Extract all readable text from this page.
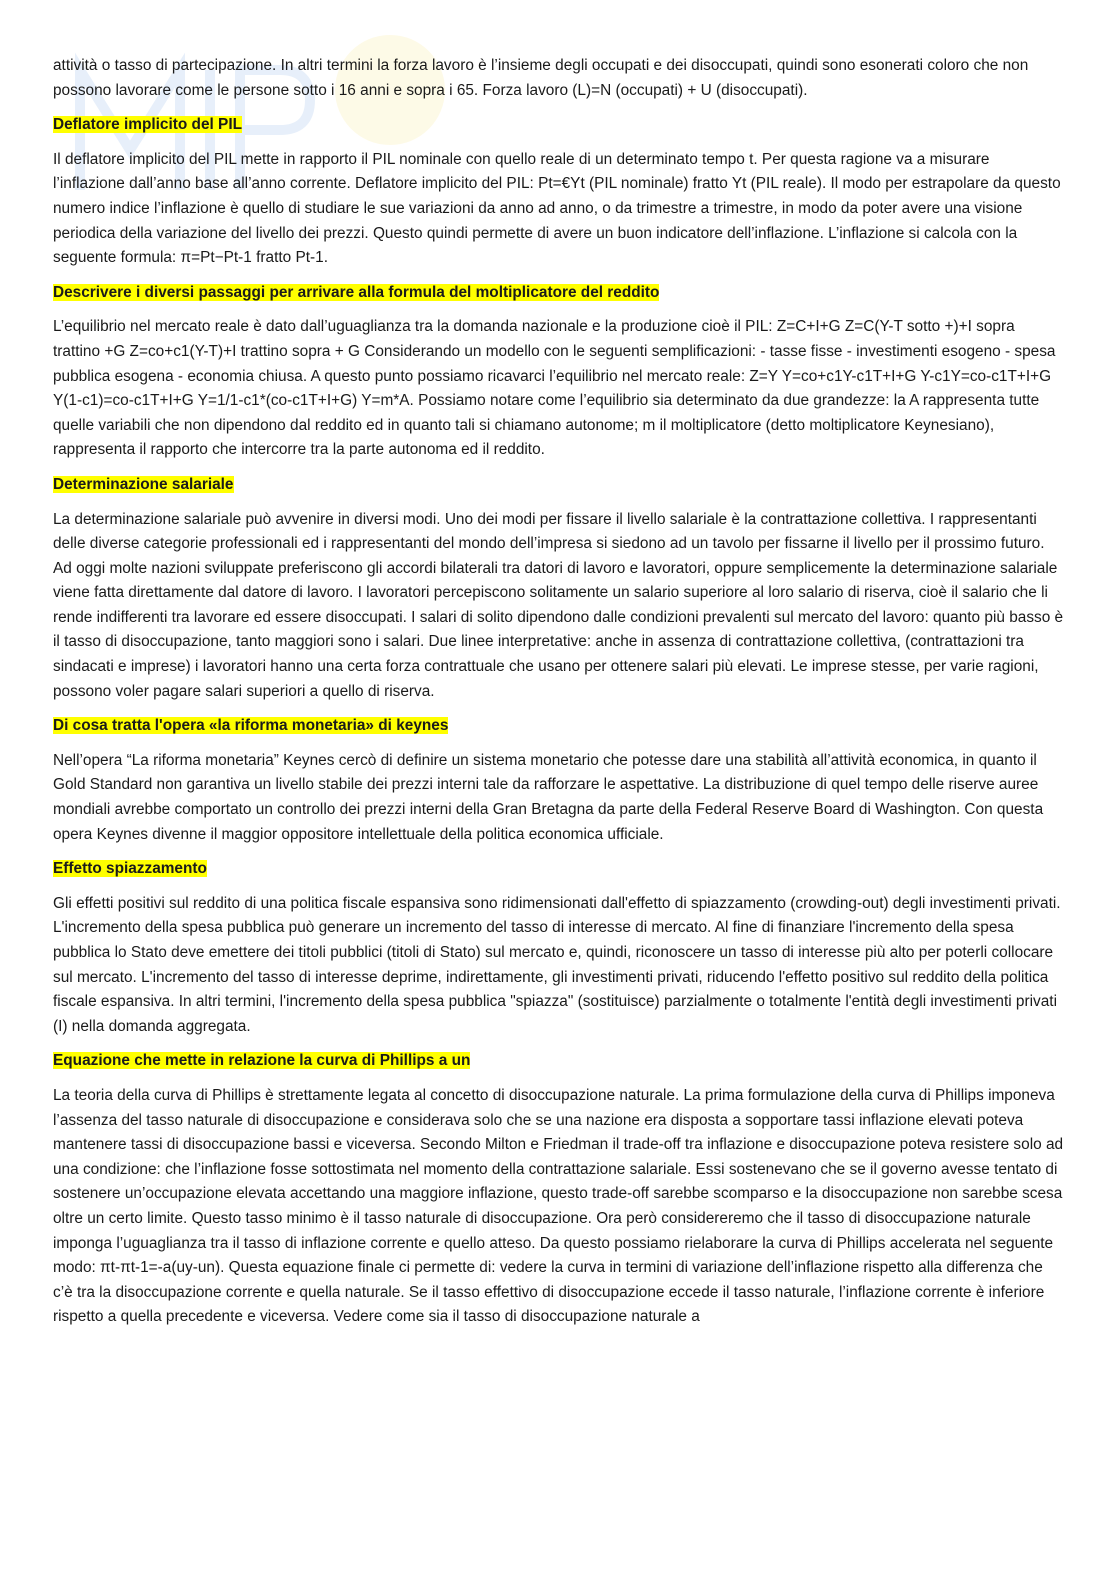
attività o tasso di partecipazione. In altri termini la forza lavoro è l’insieme degli occupati e dei disoccupati, quindi sono esonerati coloro che non possono lavorare come le persone sotto i 16 anni e sopra i 65. Forza lavoro (L)=N (occupati) + U (disoccupati).

Deflatore implicito del PIL

Il deflatore implicito del PIL mette in rapporto il PIL nominale con quello reale di un determinato tempo t. Per questa ragione va a misurare l’inflazione dall’anno base all’anno corrente. Deflatore implicito del PIL: Pt=€Yt (PIL nominale) fratto Yt (PIL reale). Il modo per estrapolare da questo numero indice l’inflazione è quello di studiare le sue variazioni da anno ad anno, o da trimestre a trimestre, in modo da poter avere una visione periodica della variazione del livello dei prezzi. Questo quindi permette di avere un buon indicatore dell’inflazione. L’inflazione si calcola con la seguente formula: π=Pt−Pt-1 fratto Pt-1.

Descrivere i diversi passaggi per arrivare alla formula del moltiplicatore del reddito

L’equilibrio nel mercato reale è dato dall’uguaglianza tra la domanda nazionale e la produzione cioè il PIL: Z=C+I+G Z=C(Y-T sotto +)+I sopra trattino +G Z=co+c1(Y-T)+I trattino sopra + G Considerando un modello con le seguenti semplificazioni: - tasse fisse - investimenti esogeno - spesa pubblica esogena - economia chiusa. A questo punto possiamo ricavarci l’equilibrio nel mercato reale: Z=Y Y=co+c1Y-c1T+I+G Y-c1Y=co-c1T+I+G Y(1-c1)=co-c1T+I+G Y=1/1-c1*(co-c1T+I+G) Y=m*A. Possiamo notare come l’equilibrio sia determinato da due grandezze: la A rappresenta tutte quelle variabili che non dipendono dal reddito ed in quanto tali si chiamano autonome; m il moltiplicatore (detto moltiplicatore Keynesiano), rappresenta il rapporto che intercorre tra la parte autonoma ed il reddito.

Determinazione salariale

La determinazione salariale può avvenire in diversi modi. Uno dei modi per fissare il livello salariale è la contrattazione collettiva. I rappresentanti delle diverse categorie professionali ed i rappresentanti del mondo dell’impresa si siedono ad un tavolo per fissarne il livello per il prossimo futuro. Ad oggi molte nazioni sviluppate preferiscono gli accordi bilaterali tra datori di lavoro e lavoratori, oppure semplicemente la determinazione salariale viene fatta direttamente dal datore di lavoro. I lavoratori percepiscono solitamente un salario superiore al loro salario di riserva, cioè il salario che li rende indifferenti tra lavorare ed essere disoccupati. I salari di solito dipendono dalle condizioni prevalenti sul mercato del lavoro: quanto più basso è il tasso di disoccupazione, tanto maggiori sono i salari. Due linee interpretative: anche in assenza di contrattazione collettiva, (contrattazioni tra sindacati e imprese) i lavoratori hanno una certa forza contrattuale che usano per ottenere salari più elevati. Le imprese stesse, per varie ragioni, possono voler pagare salari superiori a quello di riserva.

Di cosa tratta l'opera «la riforma monetaria» di keynes

Nell’opera “La riforma monetaria” Keynes cercò di definire un sistema monetario che potesse dare una stabilità all’attività economica, in quanto il Gold Standard non garantiva un livello stabile dei prezzi interni tale da rafforzare le aspettative. La distribuzione di quel tempo delle riserve auree mondiali avrebbe comportato un controllo dei prezzi interni della Gran Bretagna da parte della Federal Reserve Board di Washington. Con questa opera Keynes divenne il maggior oppositore intellettuale della politica economica ufficiale.

Effetto spiazzamento

Gli effetti positivi sul reddito di una politica fiscale espansiva sono ridimensionati dall'effetto di spiazzamento (crowding-out) degli investimenti privati. L'incremento della spesa pubblica può generare un incremento del tasso di interesse di mercato. Al fine di finanziare l'incremento della spesa pubblica lo Stato deve emettere dei titoli pubblici (titoli di Stato) sul mercato e, quindi, riconoscere un tasso di interesse più alto per poterli collocare sul mercato. L'incremento del tasso di interesse deprime, indirettamente, gli investimenti privati, riducendo l'effetto positivo sul reddito della politica fiscale espansiva. In altri termini, l'incremento della spesa pubblica "spiazza" (sostituisce) parzialmente o totalmente l'entità degli investimenti privati (I) nella domanda aggregata.

Equazione che mette in relazione la curva di Phillips a un

La teoria della curva di Phillips è strettamente legata al concetto di disoccupazione naturale. La prima formulazione della curva di Phillips imponeva l’assenza del tasso naturale di disoccupazione e considerava solo che se una nazione era disposta a sopportare tassi inflazione elevati poteva mantenere tassi di disoccupazione bassi e viceversa. Secondo Milton e Friedman il trade-off tra inflazione e disoccupazione poteva resistere solo ad una condizione: che l’inflazione fosse sottostimata nel momento della contrattazione salariale. Essi sostenevano che se il governo avesse tentato di sostenere un’occupazione elevata accettando una maggiore inflazione, questo trade-off sarebbe scomparso e la disoccupazione non sarebbe scesa oltre un certo limite. Questo tasso minimo è il tasso naturale di disoccupazione. Ora però considereremo che il tasso di disoccupazione naturale imponga l’uguaglianza tra il tasso di inflazione corrente e quello atteso. Da questo possiamo rielaborare la curva di Phillips accelerata nel seguente modo: πt-πt-1=-a(uy-un). Questa equazione finale ci permette di: vedere la curva in termini di variazione dell’inflazione rispetto alla differenza che c’è tra la disoccupazione corrente e quella naturale. Se il tasso effettivo di disoccupazione eccede il tasso naturale, l’inflazione corrente è inferiore rispetto a quella precedente e viceversa. Vedere come sia il tasso di disoccupazione naturale a
